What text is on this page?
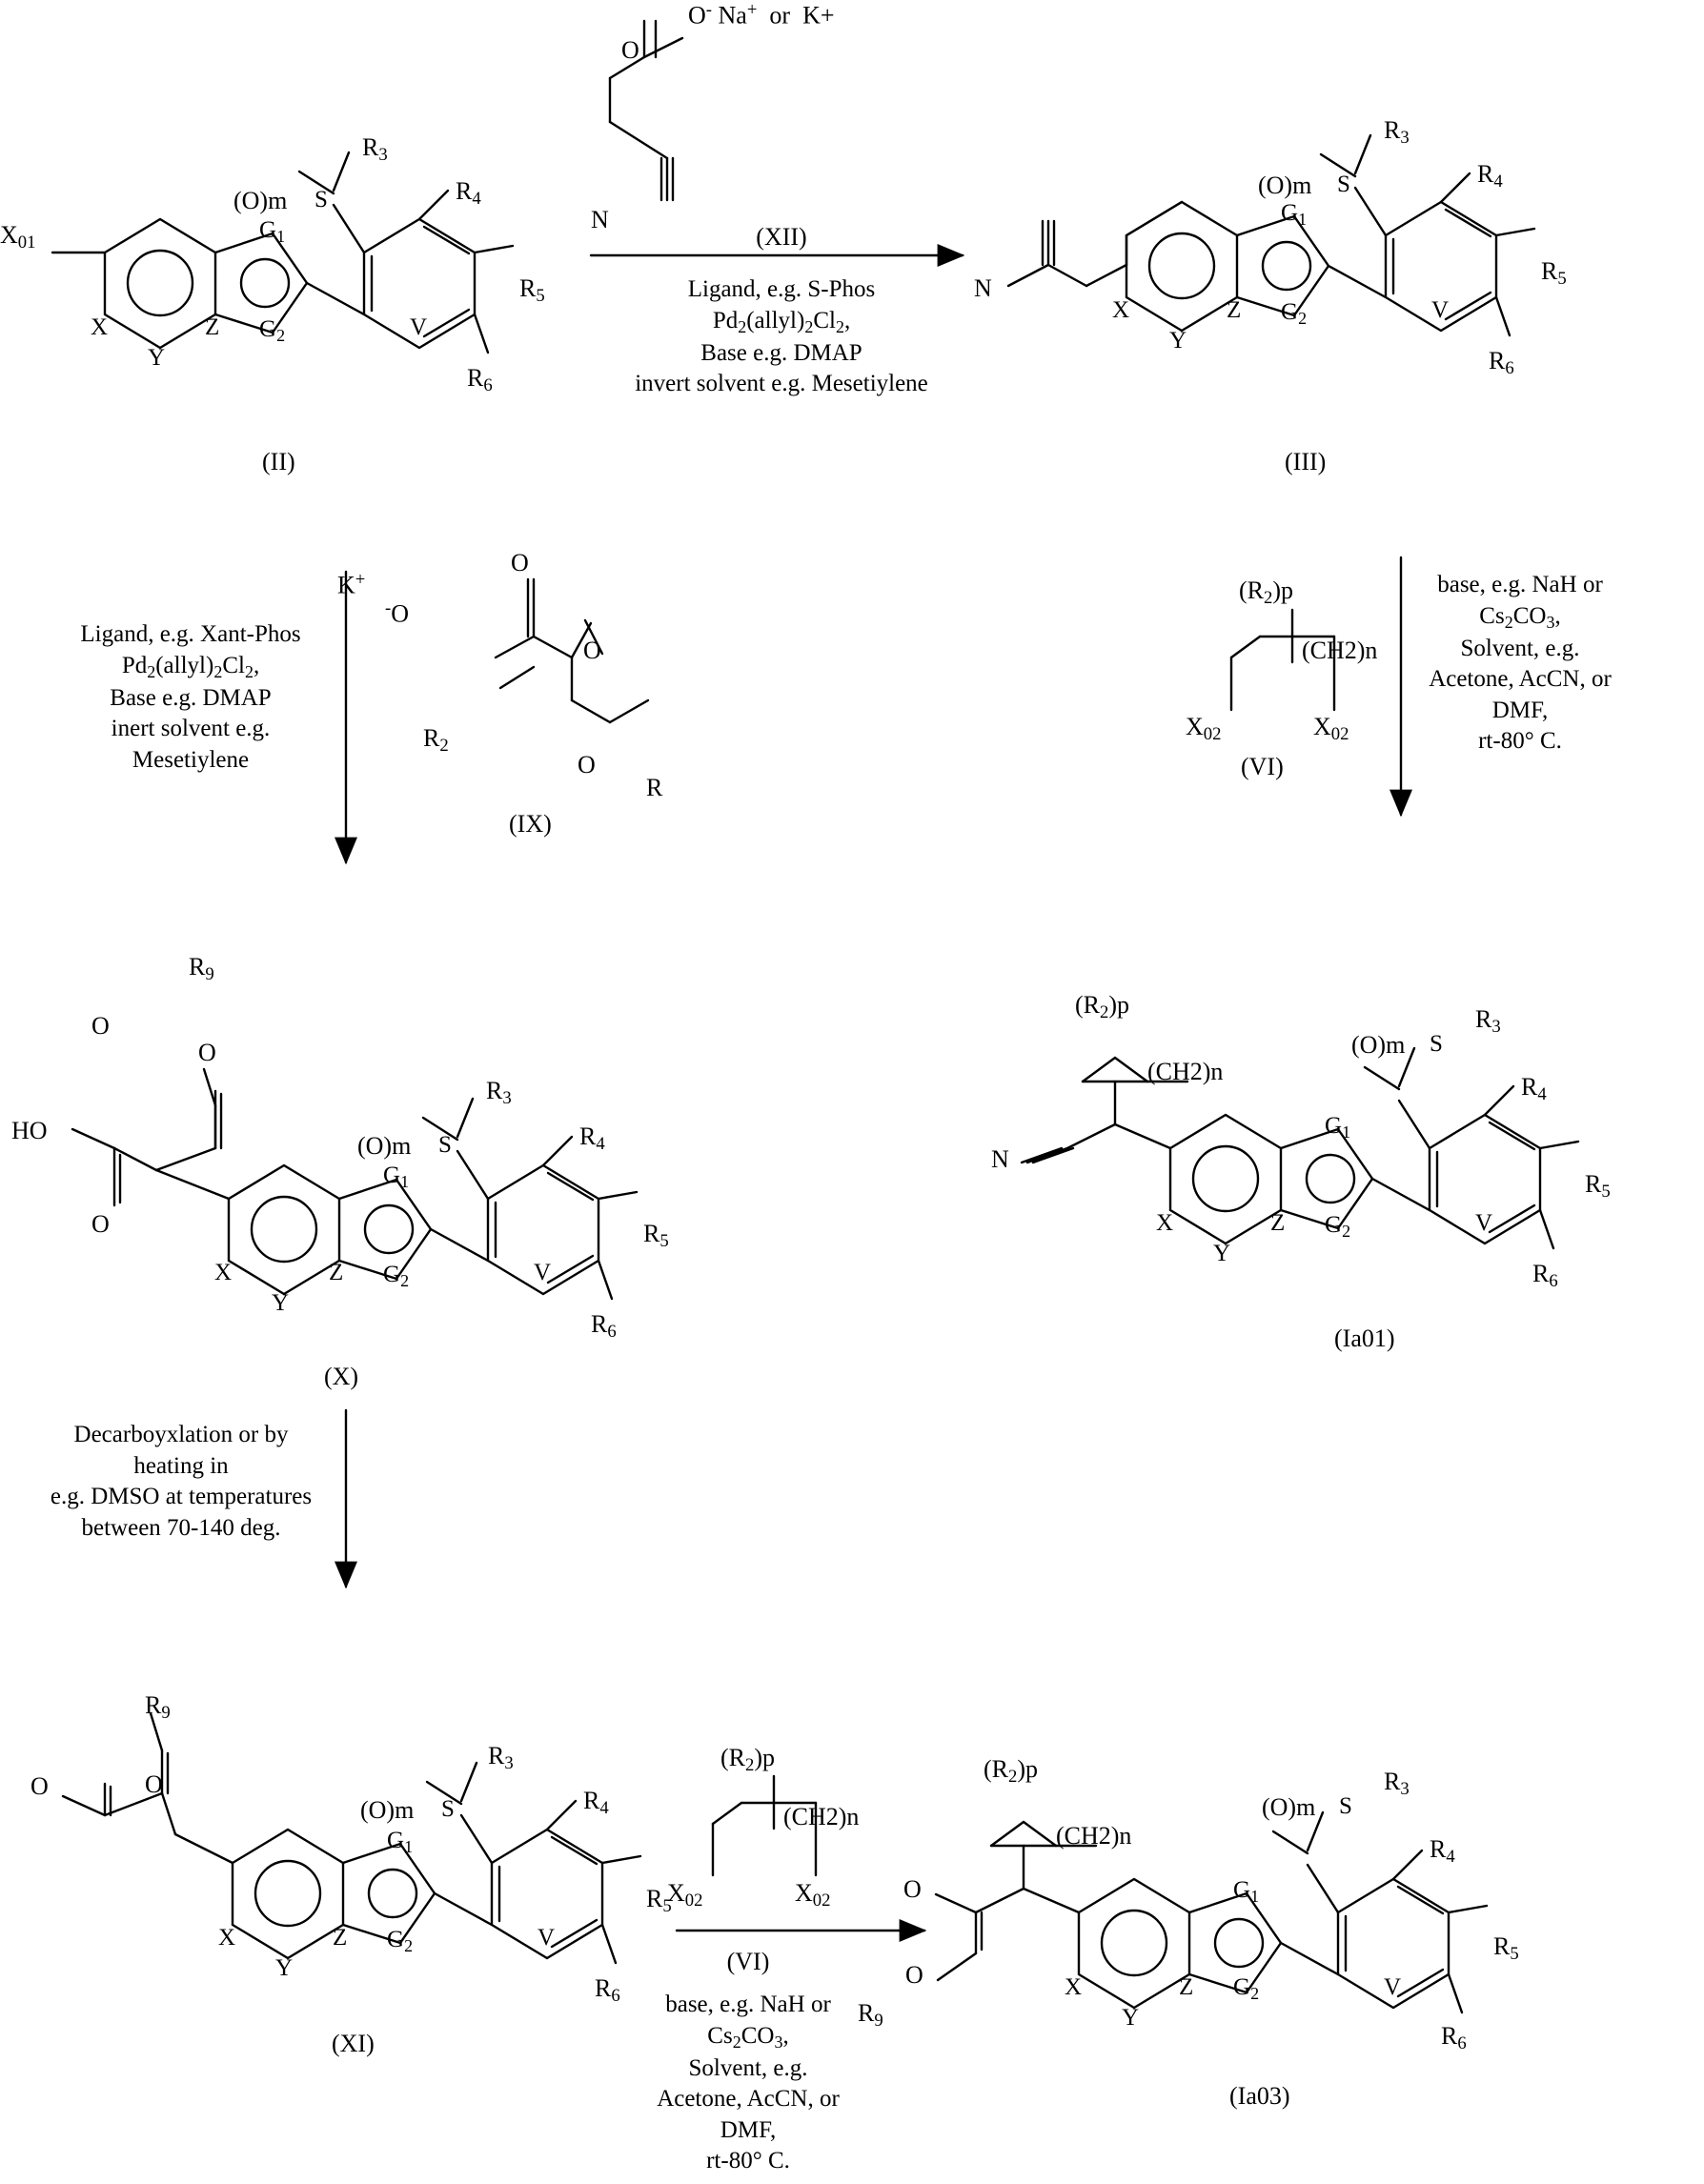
O
O- Na+  or  K+
N
(XII)
Ligand, e.g. S-Phos
$Pd_2(allyl)_2Cl_2$,
Base e.g. DMAP
invert solvent e.g. Mesetiylene
$X_{01}$
(O)m S
$R_3$
$R_4$
$R_5$
$R_6$
$G_1$
$G_2$
X
Y
Z	V
(II)
N
(O)m S
$R_3$
$R_4$
$R_5$
$R_6$
$G_1$
$G_2$
X
Y
Z	V
(III)
Ligand, e.g. Xant-Phos
$Pd_2(allyl)_2Cl_2$,
Base e.g. DMAP
inert solvent e.g.
Mesetiylene
K+
-O
O
O
$R_2$
O
R
(IX)
$(R_2)p$
(CH2)n
$X_{02}$	$X_{02}$
(VI)
base, e.g. NaH or
$Cs_2CO_3$,
Solvent, e.g.
Acetone, AcCN, or
DMF,
rt-80° C.
$R_9$
O
O
HO
O
(O)m S
$R_3$
$R_4$
$R_5$
$R_6$
$G_1$
$G_2$
X
Y
Z	V
(X)
$(R_2)p$
(CH2)n
N
(O)m S
$R_3$
$R_4$
$R_5$
$R_6$
$G_1$
$G_2$
X
Y
Z	V
(Ia01)
Decarboyxlation or by
heating in
e.g. DMSO at temperatures
between 70-140 deg.
$R_9$
O
O
(O)m S
$R_3$
$R_4$
$R_5$
$R_6$
$G_1$
$G_2$
X
Y
Z	V
(XI)
$(R_2)p$
(CH2)n
$X_{02}$	$X_{02}$
(VI)
base, e.g. NaH or
$Cs_2CO_3$,
Solvent, e.g.
Acetone, AcCN, or
DMF,
rt-80° C.
$(R_2)p$
(CH2)n
O
O
$R_9$
(O)m S
$R_3$
$R_4$
$R_5$
$R_6$
$G_1$
$G_2$
X
Y
Z	V
(Ia03)
